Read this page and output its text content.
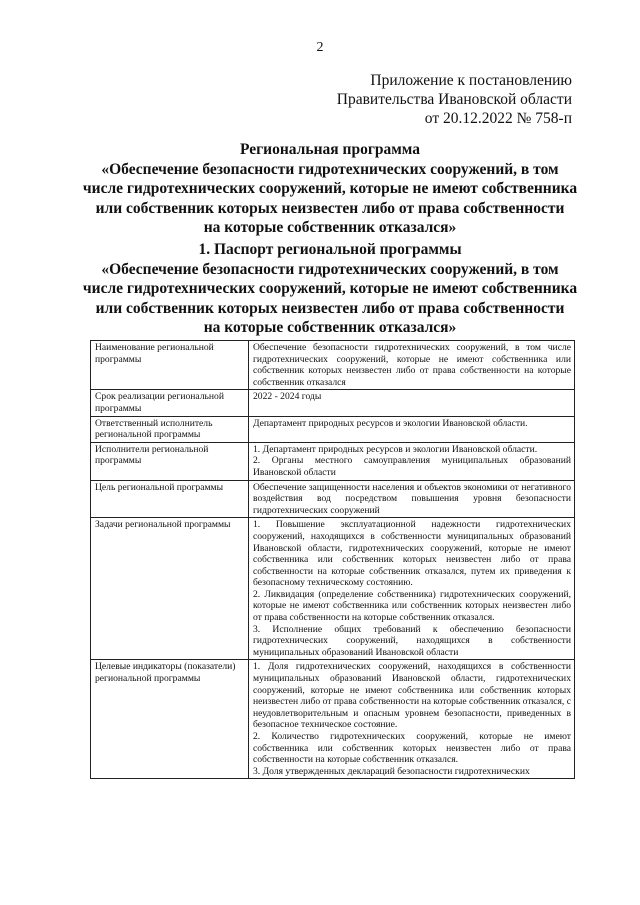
2
Приложение к постановлению
Правительства Ивановской области
от 20.12.2022 № 758-п
Региональная программа
«Обеспечение безопасности гидротехнических сооружений, в том
числе гидротехнических сооружений, которые не имеют собственника
или собственник которых неизвестен либо от права собственности
на которые собственник отказался»
1. Паспорт региональной программы
«Обеспечение безопасности гидротехнических сооружений, в том
числе гидротехнических сооружений, которые не имеют собственника
или собственник которых неизвестен либо от права собственности
на которые собственник отказался»
Наименование региональной программы	Обеспечение безопасности гидротехнических сооружений, в том числе гидротехнических сооружений, которые не имеют собственника или собственник которых неизвестен либо от права собственности на которые собственник отказался

Срок реализации региональной программы	2022 - 2024 годы

Ответственный исполнитель региональной программы	Департамент природных ресурсов и экологии Ивановской области.

Исполнители региональной программы	1. Департамент природных ресурсов и экологии Ивановской области.
2. Органы местного самоуправления муниципальных образований Ивановской области

Цель региональной программы	Обеспечение защищенности населения и объектов экономики от негативного воздействия вод посредством повышения уровня безопасности гидротехнических сооружений

Задачи региональной программы	1. Повышение эксплуатационной надежности гидротехнических сооружений, находящихся в собственности муниципальных образований Ивановской области, гидротехнических сооружений, которые не имеют собственника или собственник которых неизвестен либо от права собственности на которые собственник отказался, путем их приведения к безопасному техническому состоянию.
2. Ликвидация (определение собственника) гидротехнических сооружений, которые не имеют собственника или собственник которых неизвестен либо от права собственности на которые собственник отказался.
3. Исполнение общих требований к обеспечению безопасности гидротехнических сооружений, находящихся в собственности муниципальных образований Ивановской области

Целевые индикаторы (показатели) региональной программы	1. Доля гидротехнических сооружений, находящихся в собственности муниципальных образований Ивановской области, гидротехнических сооружений, которые не имеют собственника или собственник которых неизвестен либо от права собственности на которые собственник отказался, с неудовлетворительным и опасным уровнем безопасности, приведенных в безопасное техническое состояние.
2. Количество гидротехнических сооружений, которые не имеют собственника или собственник которых неизвестен либо от права собственности на которые собственник отказался.
3. Доля утвержденных деклараций безопасности гидротехнических
